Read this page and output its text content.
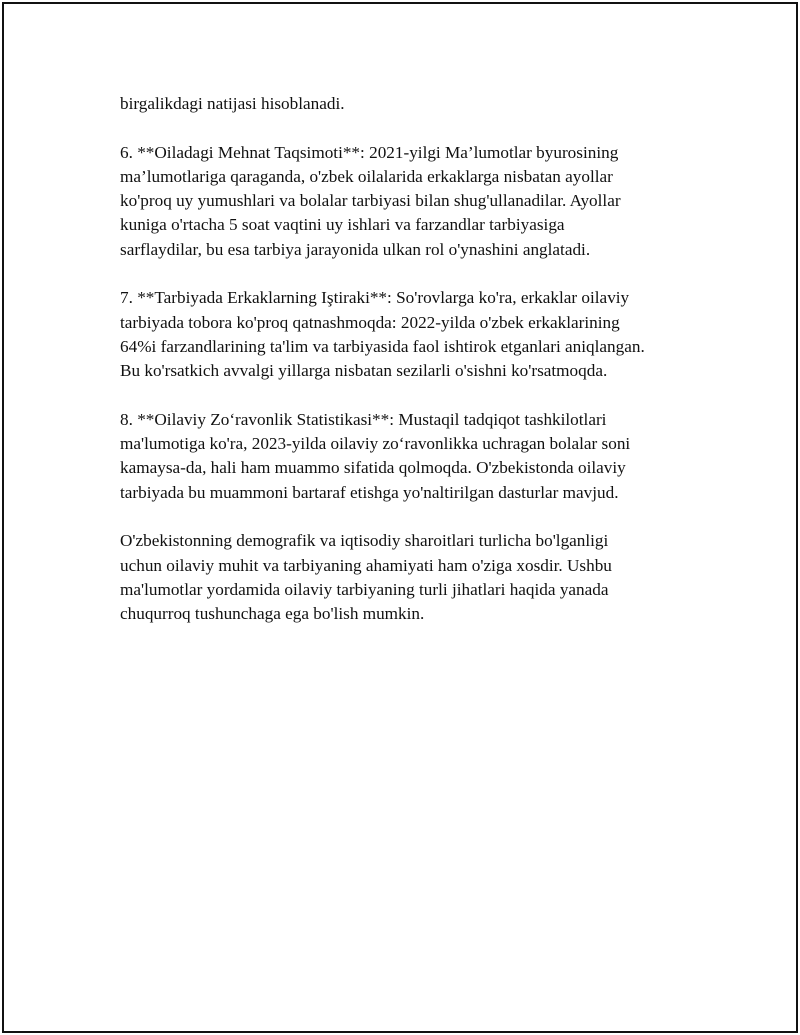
birgalikdagi natijasi hisoblanadi.

6. **Oiladagi Mehnat Taqsimoti**: 2021-yilgi Ma’lumotlar byurosining
ma’lumotlariga qaraganda, o'zbek oilalarida erkaklarga nisbatan ayollar
ko'proq uy yumushlari va bolalar tarbiyasi bilan shug'ullanadilar. Ayollar
kuniga o'rtacha 5 soat vaqtini uy ishlari va farzandlar tarbiyasiga
sarflaydilar, bu esa tarbiya jarayonida ulkan rol o'ynashini anglatadi.

7. **Tarbiyada Erkaklarning Iştiraki**: So'rovlarga ko'ra, erkaklar oilaviy
tarbiyada tobora ko'proq qatnashmoqda: 2022-yilda o'zbek erkaklarining
64%i farzandlarining ta'lim va tarbiyasida faol ishtirok etganlari aniqlangan.
Bu ko'rsatkich avvalgi yillarga nisbatan sezilarli o'sishni ko'rsatmoqda.

8. **Oilaviy Zo‘ravonlik Statistikasi**: Mustaqil tadqiqot tashkilotlari
ma'lumotiga ko'ra, 2023-yilda oilaviy zo‘ravonlikka uchragan bolalar soni
kamaysa-da, hali ham muammo sifatida qolmoqda. O'zbekistonda oilaviy
tarbiyada bu muammoni bartaraf etishga yo'naltirilgan dasturlar mavjud.

O'zbekistonning demografik va iqtisodiy sharoitlari turlicha bo'lganligi
uchun oilaviy muhit va tarbiyaning ahamiyati ham o'ziga xosdir. Ushbu
ma'lumotlar yordamida oilaviy tarbiyaning turli jihatlari haqida yanada
chuqurroq tushunchaga ega bo'lish mumkin.
